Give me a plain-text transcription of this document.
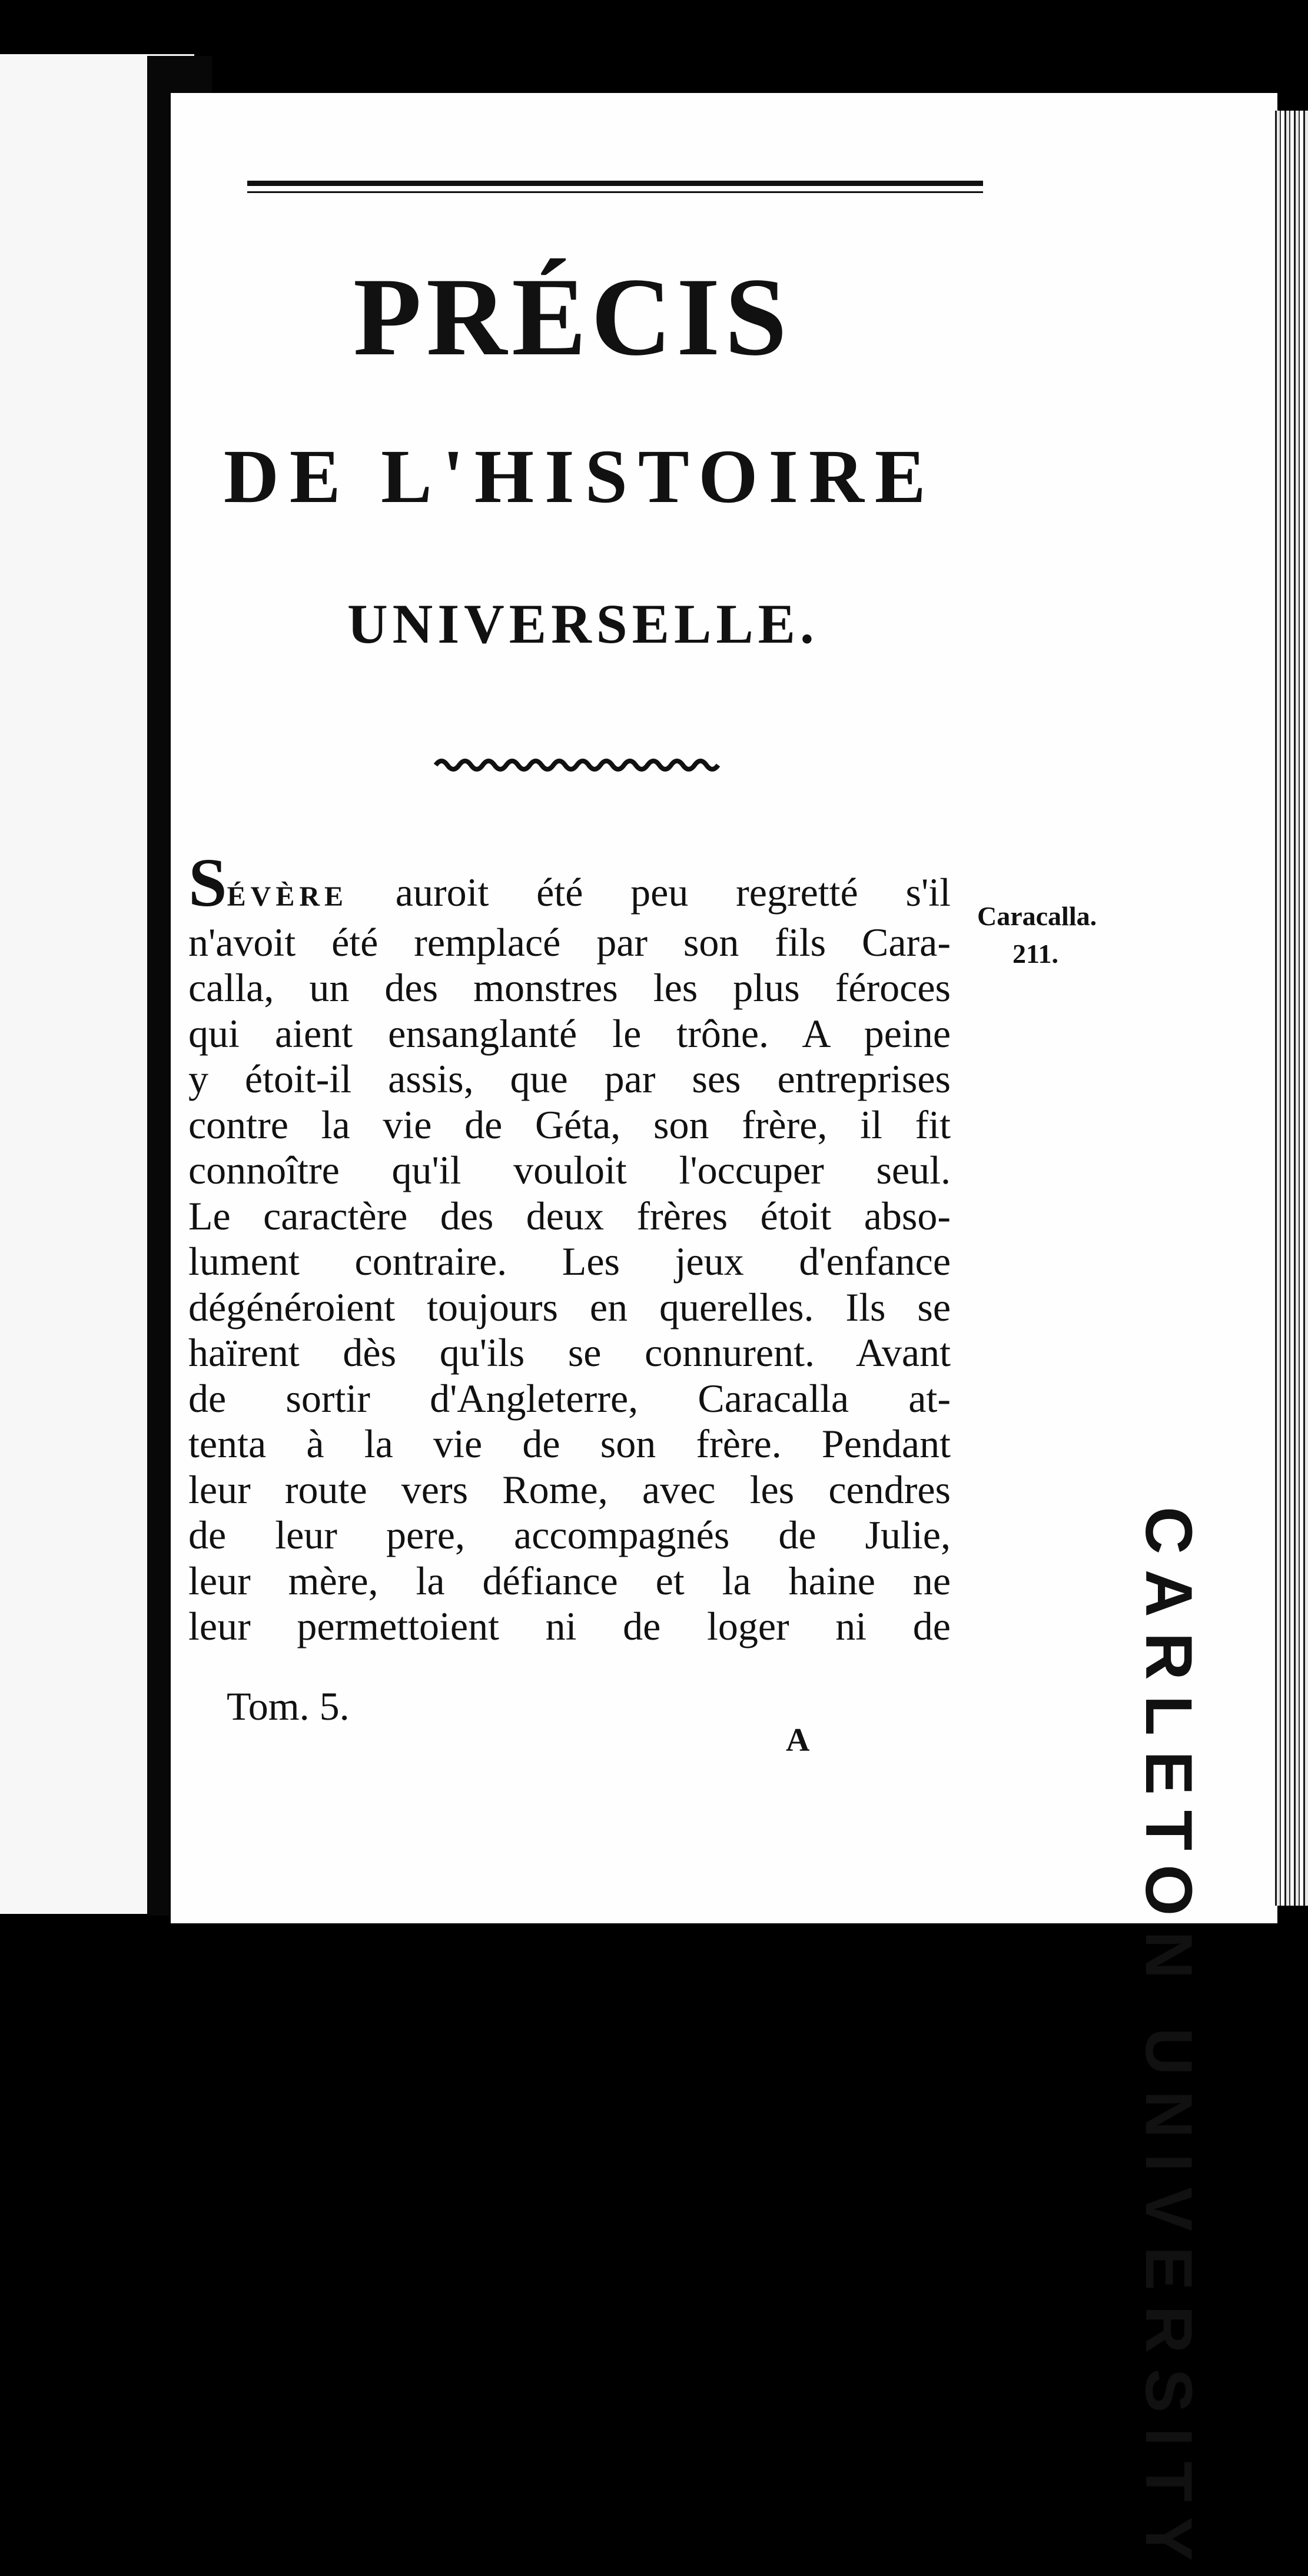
PRÉCIS
DE L'HISTOIRE
UNIVERSELLE.
SÉVÈRE auroit été peu regretté s'il
n'avoit été remplacé par son fils Cara-
calla, un des monstres les plus féroces
qui aient ensanglanté le trône. A peine
y étoit-il assis, que par ses entreprises
contre la vie de Géta, son frère, il fit
connoître qu'il vouloit l'occuper seul.
Le caractère des deux frères étoit abso-
lument contraire. Les jeux d'enfance
dégénéroient toujours en querelles. Ils se
haïrent dès qu'ils se connurent. Avant
de sortir d'Angleterre, Caracalla at-
tenta à la vie de son frère. Pendant
leur route vers Rome, avec les cendres
de leur pere, accompagnés de Julie,
leur mère, la défiance et la haine ne
leur permettoient ni de loger ni de
Caracalla.
211.
Tom. 5.
A	CARLETON UNIVERSITY
